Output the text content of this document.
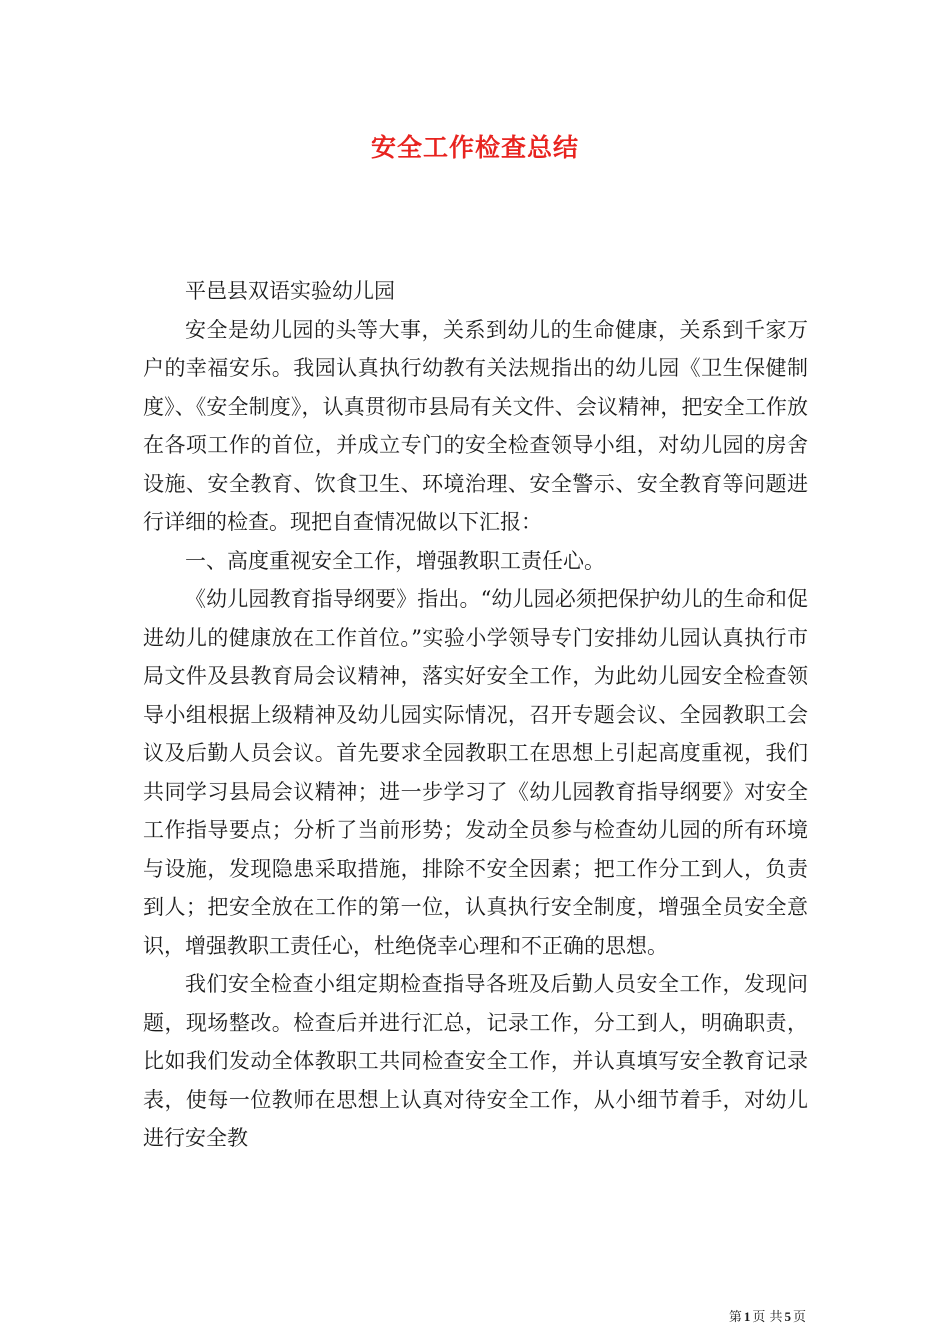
安全工作检查总结

平邑县双语实验幼儿园

安全是幼儿园的头等大事，关系到幼儿的生命健康，关系到千家万户的幸福安乐。我园认真执行幼教有关法规指出的幼儿园《卫生保健制度》、《安全制度》，认真贯彻市县局有关文件、会议精神，把安全工作放在各项工作的首位，并成立专门的安全检查领导小组，对幼儿园的房舍设施、安全教育、饮食卫生、环境治理、安全警示、安全教育等问题进行详细的检查。现把自查情况做以下汇报：

一、高度重视安全工作，增强教职工责任心。

《幼儿园教育指导纲要》指出。“幼儿园必须把保护幼儿的生命和促进幼儿的健康放在工作首位。”实验小学领导专门安排幼儿园认真执行市局文件及县教育局会议精神，落实好安全工作，为此幼儿园安全检查领导小组根据上级精神及幼儿园实际情况，召开专题会议、全园教职工会议及后勤人员会议。首先要求全园教职工在思想上引起高度重视，我们共同学习县局会议精神；进一步学习了《幼儿园教育指导纲要》对安全工作指导要点；分析了当前形势；发动全员参与检查幼儿园的所有环境与设施，发现隐患采取措施，排除不安全因素；把工作分工到人，负责到人；把安全放在工作的第一位，认真执行安全制度，增强全员安全意识，增强教职工责任心，杜绝侥幸心理和不正确的思想。

我们安全检查小组定期检查指导各班及后勤人员安全工作，发现问题，现场整改。检查后并进行汇总，记录工作，分工到人，明确职责，比如我们发动全体教职工共同检查安全工作，并认真填写安全教育记录表，使每一位教师在思想上认真对待安全工作，从小细节着手，对幼儿进行安全教

第 1 页 共 5 页
